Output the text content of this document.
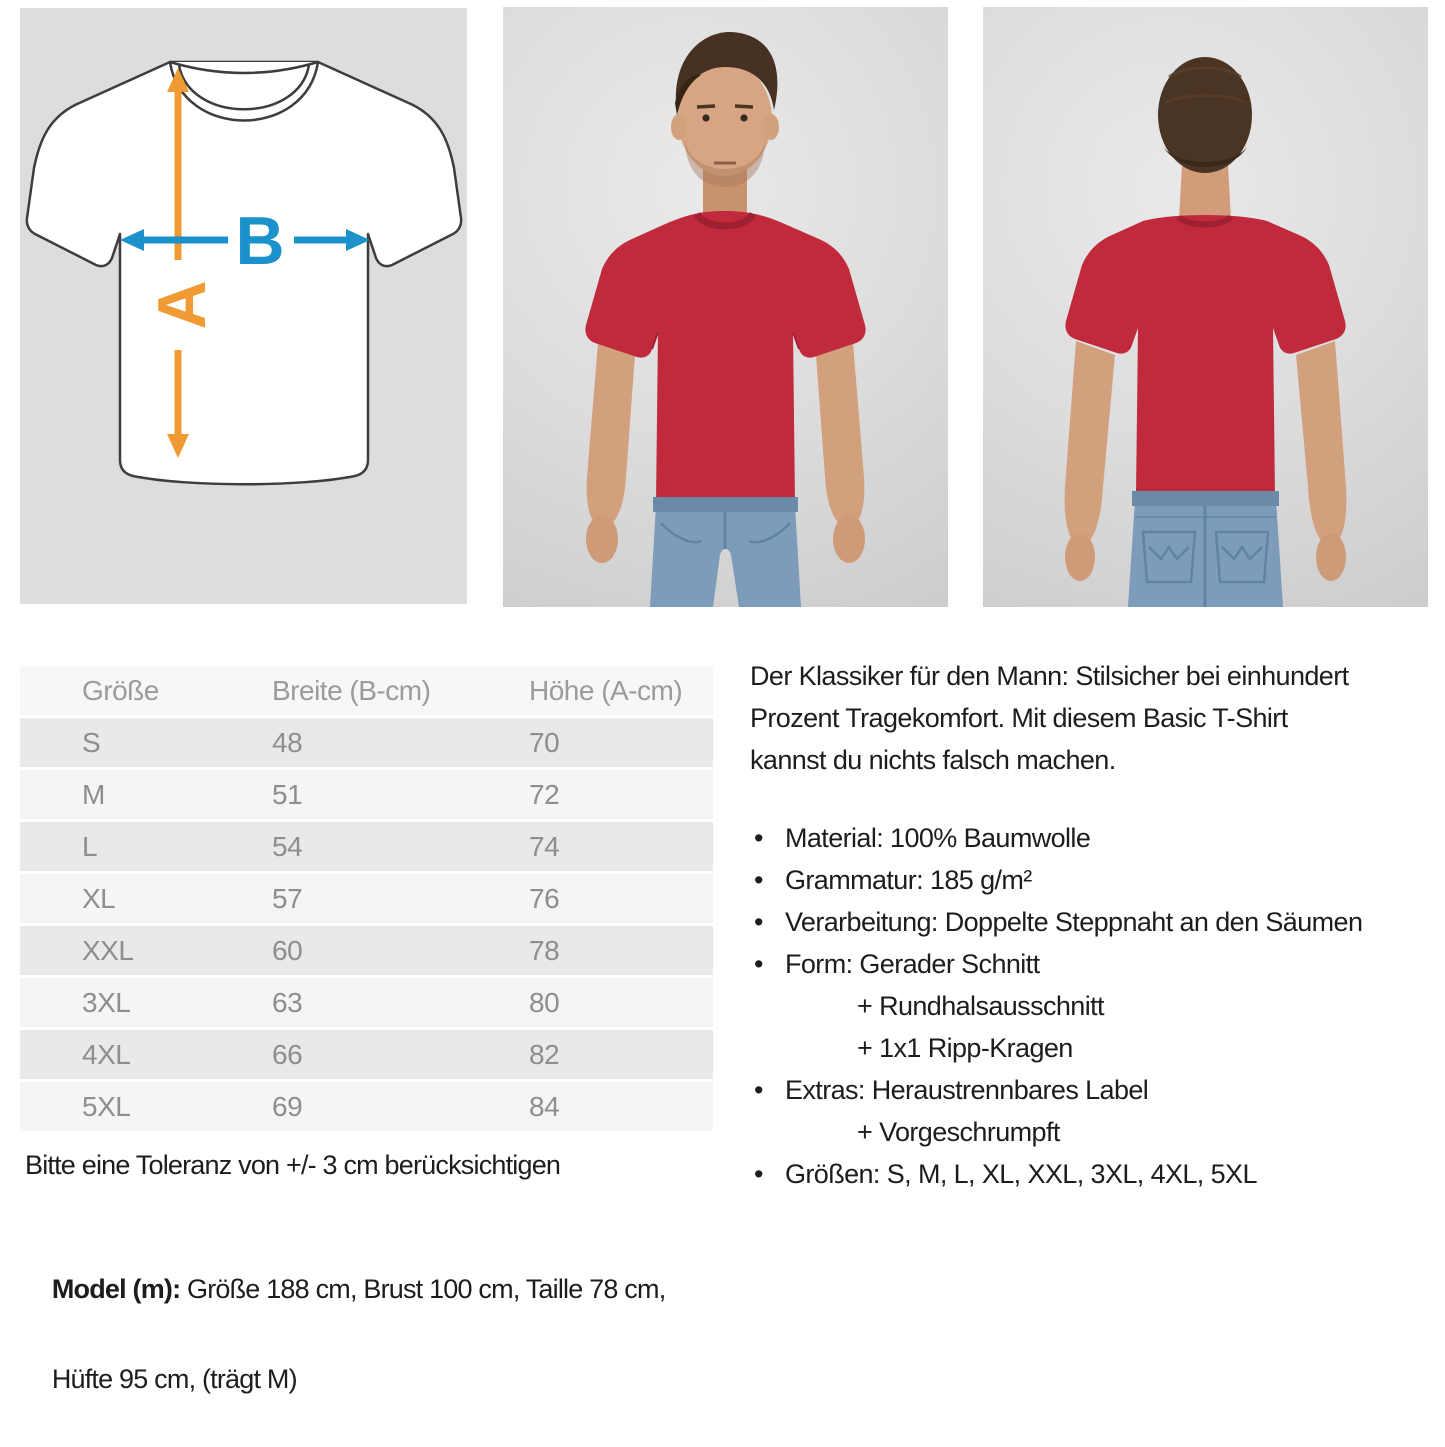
A
B
Größe	Breite (B-cm)	Höhe (A-cm)
S	48	70
M	51	72
L	54	74
XL	57	76
XXL	60	78
3XL	63	80
4XL	66	82
5XL	69	84
Bitte eine Toleranz von +/- 3 cm berücksichtigen

Model (m): Größe 188 cm, Brust 100 cm, Taille 78 cm,

Hüfte 95 cm, (trägt M)

Der Klassiker für den Mann: Stilsicher bei einhundert
Prozent Tragekomfort. Mit diesem Basic T-Shirt
kannst du nichts falsch machen.

• Material: 100% Baumwolle
• Grammatur: 185 g/m²
• Verarbeitung: Doppelte Steppnaht an den Säumen
• Form: Gerader Schnitt
+ Rundhalsausschnitt
+ 1x1 Ripp-Kragen
• Extras: Heraustrennbares Label
+ Vorgeschrumpft
• Größen: S, M, L, XL, XXL, 3XL, 4XL, 5XL
